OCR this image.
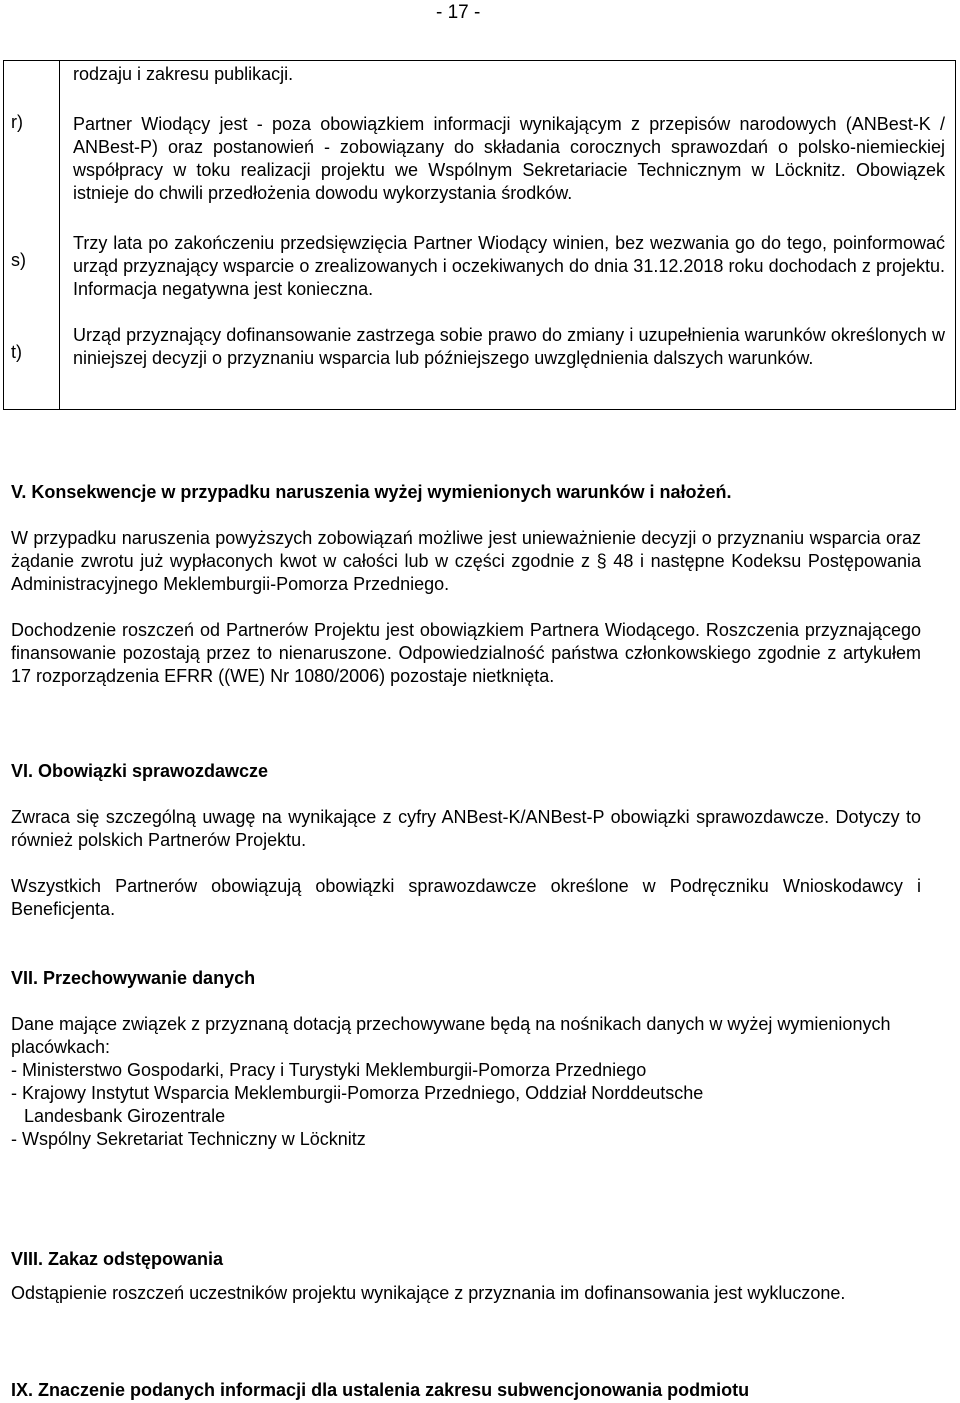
- 17 -
r)
s)
t)

rodzaju i zakresu publikacji.

Partner Wiodący jest - poza obowiązkiem informacji wynikającym z przepisów narodowych (ANBest-K / ANBest-P) oraz postanowień - zobowiązany do składania corocznych sprawozdań o polsko-niemieckiej współpracy w toku realizacji projektu we Wspólnym Sekretariacie Technicznym w Löcknitz. Obowiązek istnieje do chwili przedłożenia dowodu wykorzystania środków.

Trzy lata po zakończeniu przedsięwzięcia Partner Wiodący winien, bez wezwania go do tego, poinformować urząd przyznający wsparcie o zrealizowanych i oczekiwanych do dnia 31.12.2018 roku dochodach z projektu. Informacja negatywna jest konieczna.

Urząd przyznający dofinansowanie zastrzega sobie prawo do zmiany i uzupełnienia warunków określonych w niniejszej decyzji o przyznaniu wsparcia lub późniejszego uwzględnienia dalszych warunków.

V. Konsekwencje w przypadku naruszenia wyżej wymienionych warunków i nałożeń.

W przypadku naruszenia powyższych zobowiązań możliwe jest unieważnienie decyzji o przyznaniu wsparcia oraz żądanie zwrotu już wypłaconych kwot w całości lub w części zgodnie z § 48 i następne Kodeksu Postępowania Administracyjnego Meklemburgii-Pomorza Przedniego.

Dochodzenie roszczeń od Partnerów Projektu jest obowiązkiem Partnera Wiodącego. Roszczenia przyznającego finansowanie pozostają przez to nienaruszone. Odpowiedzialność państwa członkowskiego zgodnie z artykułem 17 rozporządzenia EFRR ((WE) Nr 1080/2006) pozostaje nietknięta.

VI. Obowiązki sprawozdawcze

Zwraca się szczególną uwagę na wynikające z cyfry ANBest-K/ANBest-P obowiązki sprawozdawcze. Dotyczy to również polskich Partnerów Projektu.

Wszystkich Partnerów obowiązują obowiązki sprawozdawcze określone w Podręczniku Wnioskodawcy i Beneficjenta.

VII. Przechowywanie danych

Dane mające związek z przyznaną dotacją przechowywane będą na nośnikach danych w wyżej wymienionych placówkach:

- Ministerstwo Gospodarki, Pracy i Turystyki Meklemburgii-Pomorza Przedniego

- Krajowy Instytut Wsparcia Meklemburgii-Pomorza Przedniego, Oddział Norddeutsche

Landesbank Girozentrale

- Wspólny Sekretariat Techniczny w Löcknitz

VIII. Zakaz odstępowania

Odstąpienie roszczeń uczestników projektu wynikające z przyznania im dofinansowania jest wykluczone.

IX. Znaczenie podanych informacji dla ustalenia zakresu subwencjonowania podmiotu
